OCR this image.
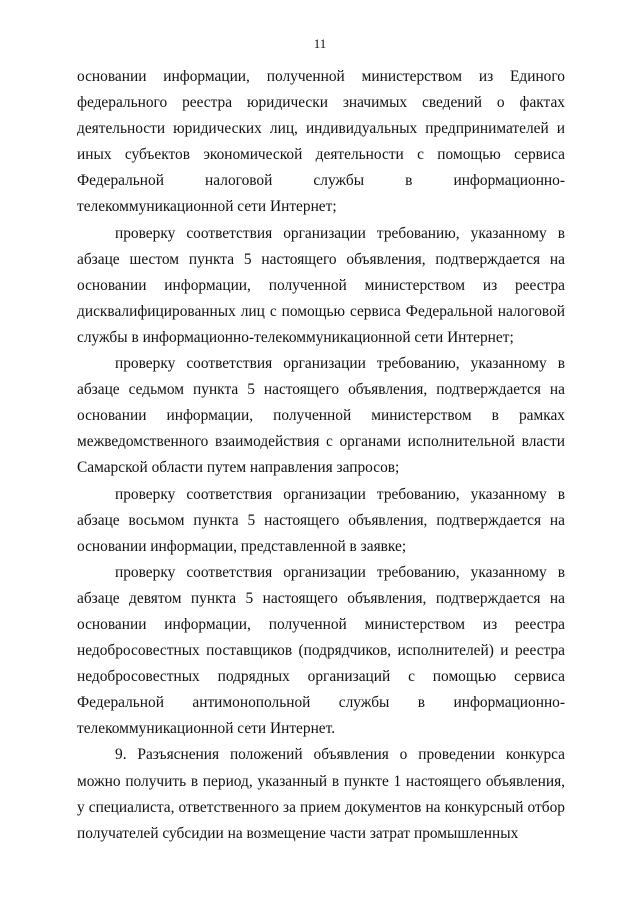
11

основании информации, полученной министерством из Единого федерального реестра юридически значимых сведений о фактах деятельности юридических лиц, индивидуальных предпринимателей и иных субъектов экономической деятельности с помощью сервиса Федеральной налоговой службы в информационно-телекоммуникационной сети Интернет;

проверку соответствия организации требованию, указанному в абзаце шестом пункта 5 настоящего объявления, подтверждается на основании информации, полученной министерством из реестра дисквалифицированных лиц с помощью сервиса Федеральной налоговой службы в информационно-телекоммуникационной сети Интернет;

проверку соответствия организации требованию, указанному в абзаце седьмом пункта 5 настоящего объявления, подтверждается на основании информации, полученной министерством в рамках межведомственного взаимодействия с органами исполнительной власти Самарской области путем направления запросов;

проверку соответствия организации требованию, указанному в абзаце восьмом пункта 5 настоящего объявления, подтверждается на основании информации, представленной в заявке;

проверку соответствия организации требованию, указанному в абзаце девятом пункта 5 настоящего объявления, подтверждается на основании информации, полученной министерством из реестра недобросовестных поставщиков (подрядчиков, исполнителей) и реестра недобросовестных подрядных организаций с помощью сервиса Федеральной антимонопольной службы в информационно-телекоммуникационной сети Интернет.

9. Разъяснения положений объявления о проведении конкурса можно получить в период, указанный в пункте 1 настоящего объявления, у специалиста, ответственного за прием документов на конкурсный отбор получателей субсидии на возмещение части затрат промышленных
